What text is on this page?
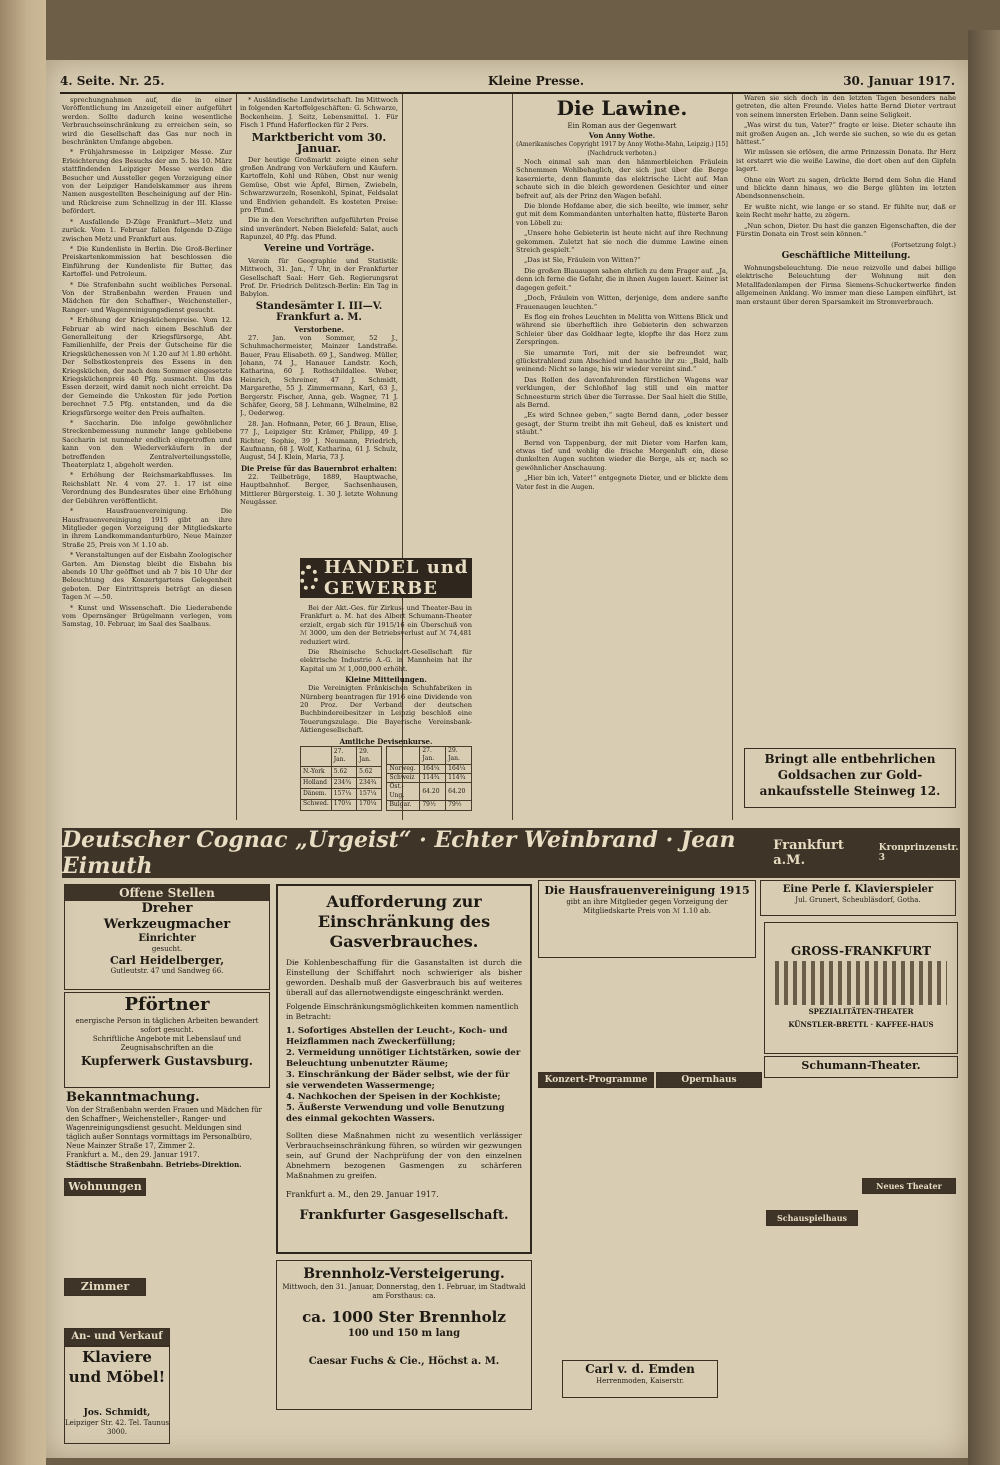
4. Seite. Nr. 25.	Kleine Presse.	30. Januar 1917.

sprechungnahmen auf, die in einer Veröffentlichung im Anzeigeteil einer aufgeführt werden. Sollte dadurch keine wesentliche Verbrauchseinschränkung zu erreichen sein, so wird die Gesellschaft das Gas nur noch in beschränkten Umfange abgeben.

* Frühjahrsmesse in Leipziger Messe. Zur Erleichterung des Besuchs der am 5. bis 10. März stattfindenden Leipziger Messe werden die Besucher und Aussteller gegen Vorzeigung einer von der Leipziger Handelskammer aus ihrem Namen ausgestellten Bescheinigung auf der Hin- und Rückreise zum Schnellzug in der III. Klasse befördert.

* Ausfallende D-Züge Frankfurt—Metz und zurück. Vom 1. Februar fallen folgende D-Züge zwischen Metz und Frankfurt aus.

* Die Kundenliste in Berlin. Die Groß-Berliner Preiskartenkommission hat beschlossen die Einführung der Kundenliste für Butter, das Kartoffel- und Petroleum.

* Die Strafenbahn sucht weibliches Personal. Von der Straßenbahn werden Frauen und Mädchen für den Schaffner-, Weichensteller-, Ranger- und Wagenreinigungsdienst gesucht.

* Erhöhung der Kriegsküchenpreise. Vom 12. Februar ab wird nach einem Beschluß der Generalleitung der Kriegsfürsorge, Abt. Familienhilfe, der Preis der Gutscheine für die Kriegsküchenessen von ℳ 1.20 auf ℳ 1.80 erhöht. Der Selbstkostenpreis des Essens in den Kriegsküchen, der nach dem Sommer eingesetzte Kriegsküchenpreis 40 Pfg. ausmacht. Um das Essen derzeit, wird damit noch nicht erreicht. Da der Gemeinde die Unkosten für jede Portion berechnet 7.5 Pfg. entstanden, und da die Kriegsfürsorge weiter den Preis aufhalten.

* Saccharin. Die infolge gewöhnlicher Streckenbemessung nunmehr lange gebliebene Saccharin ist nunmehr endlich eingetroffen und kann von den Wiederverkäufern in der betreffenden Zentralverteilungsstelle, Theaterplatz 1, abgeholt werden.

* Erhöhung der Reichsmarkabflusses. Im Reichsblatt Nr. 4 vom 27. 1. 17 ist eine Verordnung des Bundesrates über eine Erhöhung der Gebühren veröffentlicht.

* Hausfrauenvereinigung. Die Hausfrauenvereinigung 1915 gibt an ihre Mitglieder gegen Vorzeigung der Mitgliedskarte in ihrem Landkommandanturbüro, Neue Mainzer Straße 25, Preis von ℳ 1.10 ab.

* Veranstaltungen auf der Eisbahn Zoologischer Garten. Am Dienstag bleibt die Eisbahn bis abends 10 Uhr geöffnet und ab 7 bis 10 Uhr der Beleuchtung des Konzertgartens Gelegenheit geboten. Der Eintrittspreis beträgt an diesen Tagen ℳ —.50.

* Kunst und Wissenschaft. Die Liederabende vom Opernsänger Brügelmann verlegen, vom Samstag, 10. Februar, im Saal des Saalbaus.

* Ausländische Landwirtschaft. Im Mittwoch in folgenden Kartoffelgeschäften: G. Schwarze, Bockenheim. J. Seitz, Lebensmittel. 1. Für Fisch 1 Pfund Haferflocken für 2 Pers.

Marktbericht vom 30. Januar.

Der heutige Großmarkt zeigte einen sehr großen Andrang von Verkäufern und Käufern. Kartoffeln, Kohl und Rüben, Obst nur wenig Gemüse, Obst wie Äpfel, Birnen, Zwiebeln, Schwarzwurzeln, Rosenkohl, Spinat, Feldsalat und Endivien gehandelt. Es kosteten Preise: pro Pfund.

Die in den Vorschriften aufgeführten Preise sind unverändert. Neben Bielefeld: Salat, auch Rapunzel, 40 Pfg. das Pfund.

Vereine und Vorträge.

Verein für Geographie und Statistik: Mittwoch, 31. Jan., 7 Uhr, in der Frankfurter Gesellschaft Saal: Herr Geh. Regierungsrat Prof. Dr. Friedrich Delitzsch-Berlin: Ein Tag in Babylon.

Standesämter I. III—V. Frankfurt a. M.
Verstorbene.

27. Jan. von Sommer, 52 J., Schuhmachermeister, Mainzer Landstraße. Bauer, Frau Elisabeth. 69 J., Sandweg. Müller, Johann, 74 J., Hanauer Landstr. Koch, Katharina, 60 J. Rothschildallee. Weber, Heinrich, Schreiner, 47 J. Schmidt, Margarethe, 55 J. Zimmermann, Karl, 63 J., Bergerstr. Fischer, Anna, geb. Wagner, 71 J. Schäfer, Georg, 58 J. Lehmann, Wilhelmine, 82 J., Oederweg.

28. Jan. Hofmann, Peter, 66 J. Braun, Elise, 77 J., Leipziger Str. Krämer, Philipp, 49 J. Richter, Sophie, 39 J. Neumann, Friedrich, Kaufmann, 68 J. Wolf, Katharina, 61 J. Schulz, August, 54 J. Klein, Maria, 73 J.

Die Preise für das Bauernbrot erhalten:

22. Teilbeträge, 1889, Hauptwache, Hauptbahnhof. Berger, Sachsenhausen, Mittlerer Bürgersteig. 1. 30 J. letzte Wohnung Neugässer.

HANDEL und GEWERBE

Bei der Akt.-Ges. für Zirkus- und Theater-Bau in Frankfurt a. M. hat des Albert Schumann-Theater erzielt, ergab sich für 1915/16 ein Überschuß von ℳ 3000, um den der Betriebsverlust auf ℳ 74,481 reduziert wird.

Die Rheinische Schuckert-Gesellschaft für elektrische Industrie A.-G. in Mannheim hat ihr Kapital um ℳ 1,000,000 erhöht.

Kleine Mitteilungen.

Die Vereinigten Fränkischen Schuhfabriken in Nürnberg beantragen für 1916 eine Dividende von 20 Proz. Der Verband der deutschen Buchbindereibesitzer in Leipzig beschloß eine Teuerungszulage. Die Bayerische Vereinsbank-Aktiengesellschaft.

Amtliche Devisenkurse.
	27. Jan.	29. Jan.
N.-York	5.62	5.62
Holland	234¾	234¾
Dänem.	157¼	157¼
Schwed.	170¼	170¼
	27. Jan.	29. Jan.
Norweg.	164¼	164¼
Schweiz	114¾	114¾
Öst.-Ung.	64.20	64.20
Bulgar.	79½	79½
Die Lawine.
Ein Roman aus der Gegenwart
Von Anny Wothe.
(Amerikanisches Copyright 1917 by Anny Wothe-Mahn, Leipzig.) [15] (Nachdruck verboten.)

Noch einmal sah man den hämmerbleichen Fräulein Schnemmen Wohlbehaglich, der sich just über die Berge kasernierte, denn flammte das elektrische Licht auf. Man schaute sich in die bleich gewordenen Gesichter und einer befreit auf, als der Prinz den Wagen befahl.

Die blonde Hofdame aber, die sich beeilte, wie immer, sehr gut mit dem Kommandanten unterhalten hatte, flüsterte Baron von Löbell zu:

„Unsere hohe Gebieterin ist heute nicht auf ihre Rechnung gekommen. Zuletzt hat sie noch die dumme Lawine einen Streich gespielt.“

„Das ist Sie, Fräulein von Witten?“

Die großen Blauaugen sahen ehrlich zu dem Frager auf. „Ja, denn ich ferne die Gefahr, die in ihnen Augen lauert. Keiner ist dagegen gefeit.“

„Doch, Fräulein von Witten, derjenige, dem andere sanfte Frauenaugen leuchten.“

Es flog ein frohes Leuchten in Melitta von Wittens Blick und während sie überheftlich ihre Gebieterin den schwarzen Schleier über das Goldhaar legte, klopfte ihr das Herz zum Zerspringen.

Sie umarmte Tori, mit der sie befreundet war, glückstrahlend zum Abschied und hauchte ihr zu: „Bald, halb weinend: Nicht so lange, bis wir wieder vereint sind.“

Das Rollen des davonfahrenden fürstlichen Wagens war verklungen, der Schloßhof lag still und ein matter Schneesturm strich über die Terrasse. Der Saal hielt die Stille, als Bernd.

„Es wird Schnee geben,“ sagte Bernd dann, „oder besser gesagt, der Sturm treibt ihn mit Geheul, daß es knistert und stäubt.“

Bernd von Tappenburg, der mit Dieter vom Harfen kam, etwas tief und wohlig die frische Morgenluft ein, diese dunkelten Augen suchten wieder die Berge, als er, nach so gewöhnlicher Anschauung.

„Hier bin ich, Vater!“ entgegnete Dieter, und er blickte dem Vater fest in die Augen.

Waren sie sich doch in den letzten Tagen besonders nahe getreten, die alten Freunde. Vieles hatte Bernd Dieter vertraut von seinem innersten Erleben. Dann seine Seligkeit.

„Was wirst du tun, Vater?“ fragte er leise. Dieter schaute ihn mit großen Augen an. „Ich werde sie suchen, so wie du es getan hättest.“

Wir müssen sie erlösen, die arme Prinzessin Donata. Ihr Herz ist erstarrt wie die weiße Lawine, die dort oben auf den Gipfeln lagert.

Ohne ein Wort zu sagen, drückte Bernd dem Sohn die Hand und blickte dann hinaus, wo die Berge glühten im letzten Abendsonnenschein.

Er wußte nicht, wie lange er so stand. Er fühlte nur, daß er kein Recht mehr hatte, zu zögern.

„Nun schon, Dieter. Du hast die ganzen Eigenschaften, die der Fürstin Donata ein Trost sein können.“

(Fortsetzung folgt.)
Geschäftliche Mitteilung.

Wohnungsbeleuchtung. Die neue reizvolle und dabei billige elektrische Beleuchtung der Wohnung mit den Metallfadenlampen der Firma Siemens-Schuckertwerke finden allgemeinen Anklang. Wo immer man diese Lampen einführt, ist man erstaunt über deren Sparsamkeit im Stromverbrauch.

Bringt alle entbehrlichen
Goldsachen zur Gold-
ankaufsstelle Steinweg 12.
Deutscher Cognac „Urgeist“ · Echter Weinbrand · Jean Eimuth
Frankfurt a.M.
Kronprinzenstr. 3
Offene Stellen
Dreher
Werkzeugmacher
Einrichter
gesucht.
Carl Heidelberger,
Gutleutstr. 47 und Sandweg 66.
Pförtner
energische Person in täglichen Arbeiten bewandert sofort gesucht.
Schriftliche Angebote mit Lebenslauf und Zeugnisabschriften an die
Kupferwerk Gustavsburg.
Bekanntmachung.
Von der Straßenbahn werden Frauen und Mädchen für den Schaffner-, Weichensteller-, Ranger- und Wagenreinigungsdienst gesucht. Meldungen sind täglich außer Sonntags vormittags im Personalbüro, Neue Mainzer Straße 17, Zimmer 2.
Frankfurt a. M., den 29. Januar 1917.
Städtische Straßenbahn. Betriebs-Direktion.
Wohnungen
Zimmer
An- und Verkauf
Klaviere
und Möbel!
Jos. Schmidt,
Leipziger Str. 42. Tel. Taunus 3000.
Aufforderung zur Einschränkung des Gasverbrauches.
Die Kohlenbeschaffung für die Gasanstalten ist durch die Einstellung der Schiffahrt noch schwieriger als bisher geworden. Deshalb muß der Gasverbrauch bis auf weiteres überall auf das allernotwendigste eingeschränkt werden.
Folgende Einschränkungsmöglichkeiten kommen namentlich in Betracht:
1. Sofortiges Abstellen der Leucht-, Koch- und Heizflammen nach Zweckerfüllung;
2. Vermeidung unnötiger Lichtstärken, sowie der Beleuchtung unbenutzter Räume;
3. Einschränkung der Bäder selbst, wie der für sie verwendeten Wassermenge;
4. Nachkochen der Speisen in der Kochkiste;
5. Äußerste Verwendung und volle Benutzung des einmal gekochten Wassers.
Sollten diese Maßnahmen nicht zu wesentlich verlässiger Verbrauchseinschränkung führen, so würden wir gezwungen sein, auf Grund der Nachprüfung der von den einzelnen Abnehmern bezogenen Gasmengen zu schärferen Maßnahmen zu greifen.
Frankfurt a. M., den 29. Januar 1917.
Frankfurter Gasgesellschaft.
Brennholz-Versteigerung.
Mittwoch, den 31. Januar, Donnerstag, den 1. Februar, im Stadtwald am Forsthaus: ca.
ca. 1000 Ster Brennholz
100 und 150 m lang
Caesar Fuchs & Cie., Höchst a. M.
Die Hausfrauenvereinigung 1915
gibt an ihre Mitglieder gegen Vorzeigung der Mitgliedskarte Preis von ℳ 1.10 ab.
Eine Perle f. Klavierspieler
Jul. Grunert, Scheubläsdorf, Gotha.
GROSS-FRANKFURT
SPEZIALITÄTEN-THEATER
KÜNSTLER-BRETTL · KAFFEE-HAUS
Schumann-Theater.
Konzert-Programme	Opernhaus
Schauspielhaus
Neues Theater
Carl v. d. Emden
Herrenmoden, Kaiserstr.
